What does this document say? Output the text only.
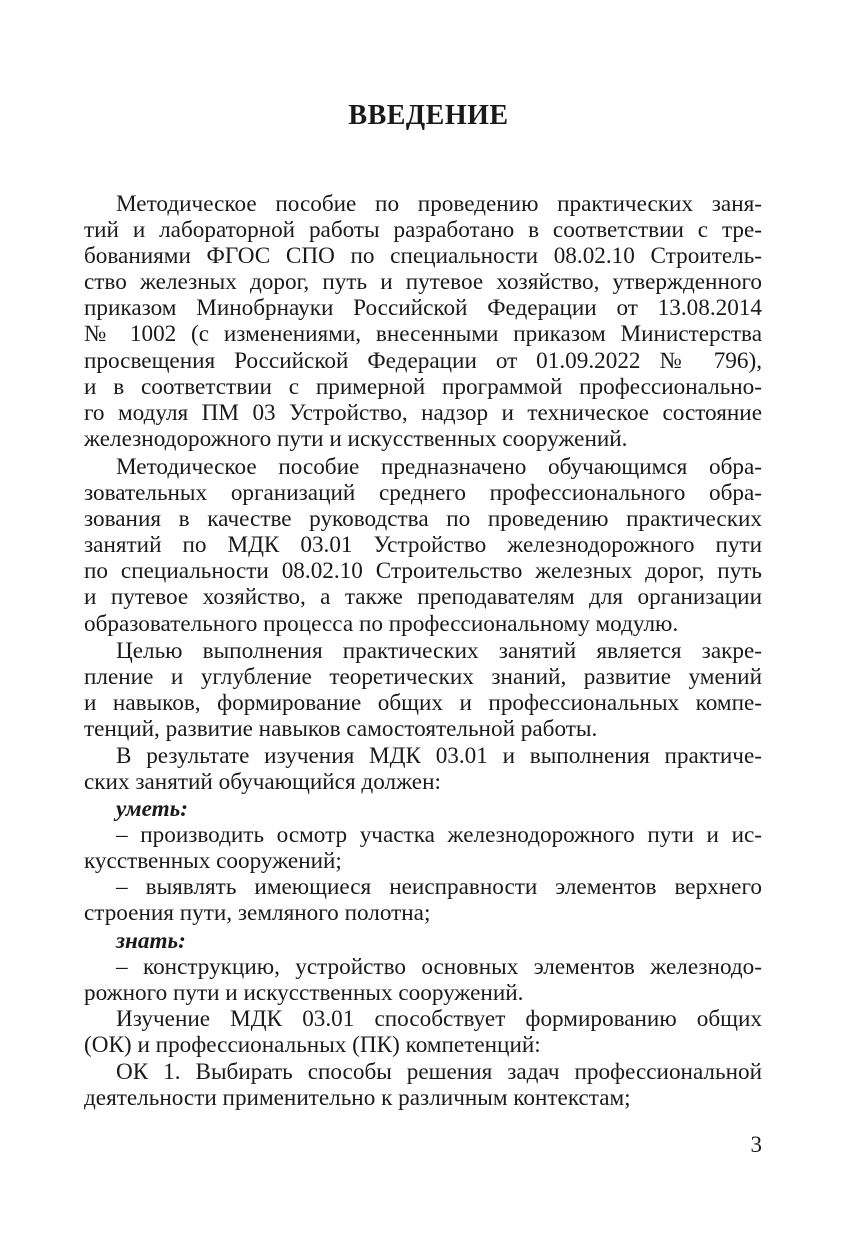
ВВЕДЕНИЕ
Методическое пособие по проведению практических заня-
тий и лабораторной работы разработано в соответствии с тре-
бованиями ФГОС СПО по специальности 08.02.10 Строитель-
ство железных дорог, путь и путевое хозяйство, утвержденного
приказом Минобрнауки Российской Федерации от 13.08.2014
№ 1002 (с изменениями, внесенными приказом Министерства
просвещения Российской Федерации от 01.09.2022 № 796),
и в соответствии с примерной программой профессионально-
го модуля ПМ 03 Устройство, надзор и техническое состояние
железнодорожного пути и искусственных сооружений.
Методическое пособие предназначено обучающимся обра-
зовательных организаций среднего профессионального обра-
зования в качестве руководства по проведению практических
занятий по МДК 03.01 Устройство железнодорожного пути
по специальности 08.02.10 Строительство железных дорог, путь
и путевое хозяйство, а также преподавателям для организации
образовательного процесса по профессиональному модулю.
Целью выполнения практических занятий является закре-
пление и углубление теоретических знаний, развитие умений
и навыков, формирование общих и профессиональных компе-
тенций, развитие навыков самостоятельной работы.
В результате изучения МДК 03.01 и выполнения практиче-
ских занятий обучающийся должен:
уметь:
– производить осмотр участка железнодорожного пути и ис-
кусственных сооружений;
– выявлять имеющиеся неисправности элементов верхнего
строения пути, земляного полотна;
знать:
– конструкцию, устройство основных элементов железнодо-
рожного пути и искусственных сооружений.
Изучение МДК 03.01 способствует формированию общих
(ОК) и профессиональных (ПК) компетенций:
ОК 1. Выбирать способы решения задач профессиональной
деятельности применительно к различным контекстам;
3
